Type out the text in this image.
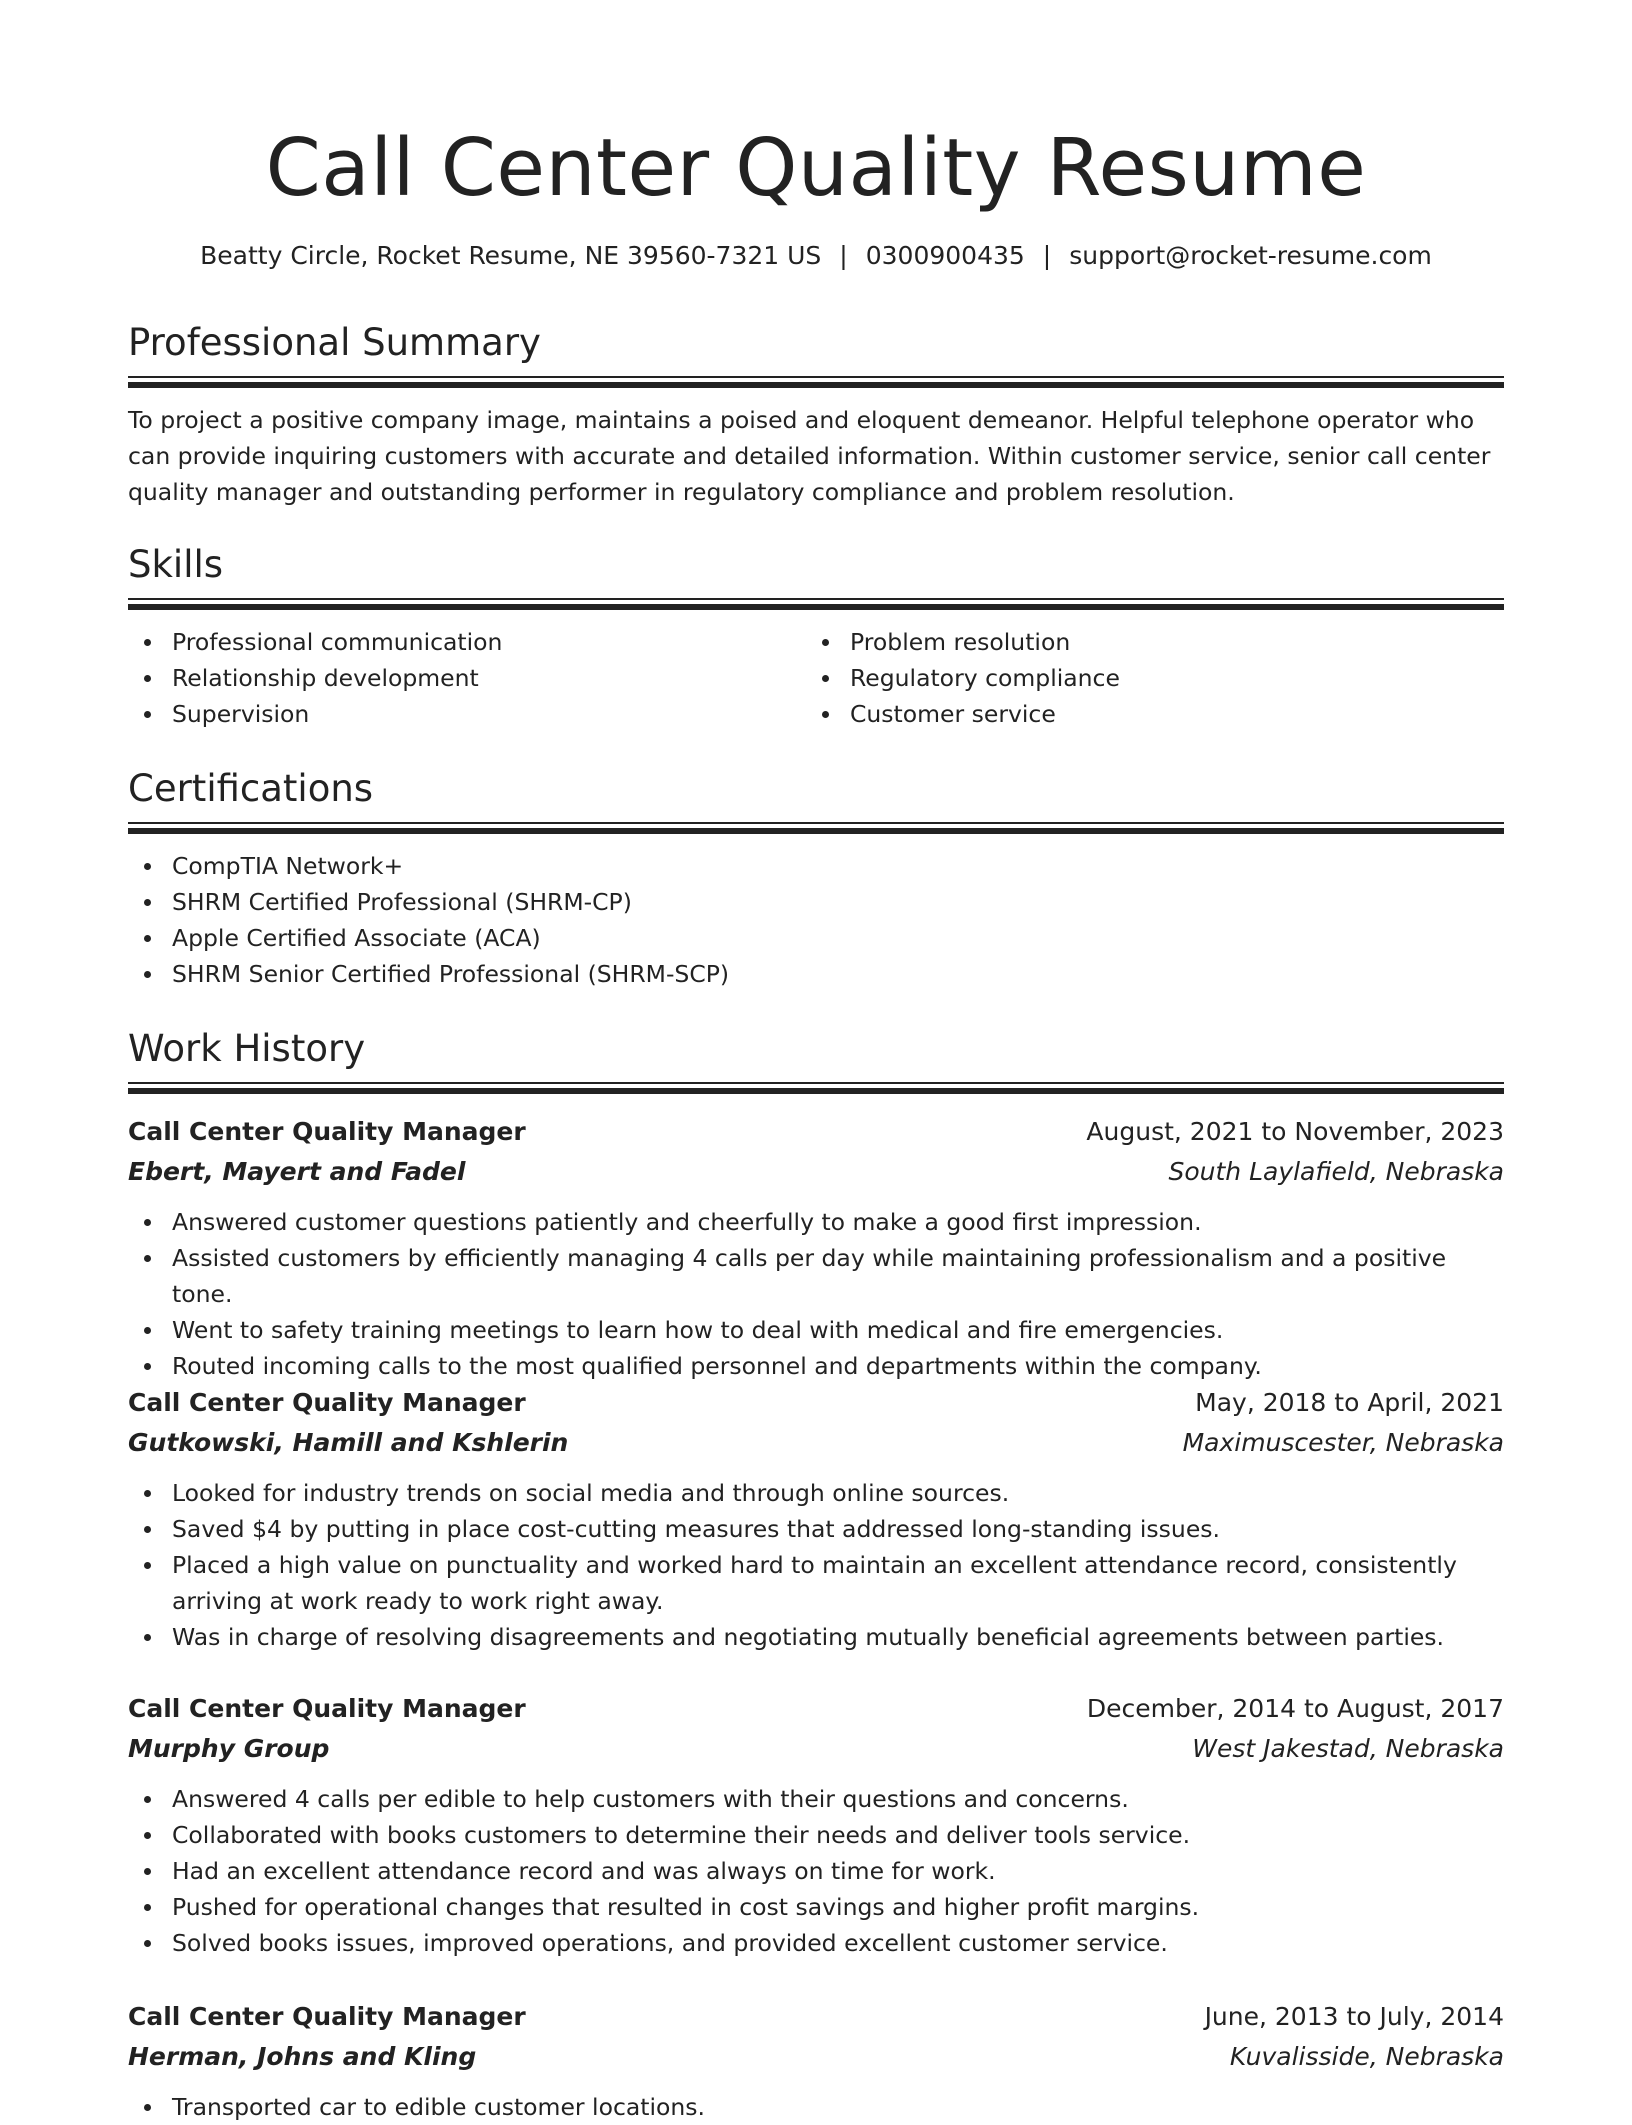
Call Center Quality Resume
Beatty Circle, Rocket Resume, NE 39560-7321 US | 0300900435 | support@rocket-resume.com
Professional Summary

To project a positive company image, maintains a poised and eloquent demeanor. Helpful telephone operator who can provide inquiring customers with accurate and detailed information. Within customer service, senior call center quality manager and outstanding performer in regulatory compliance and problem resolution.

Skills
Professional communication
Relationship development
Supervision
Problem resolution
Regulatory compliance
Customer service
Certifications
CompTIA Network+
SHRM Certified Professional (SHRM-CP)
Apple Certified Associate (ACA)
SHRM Senior Certified Professional (SHRM-SCP)
Work History
Call Center Quality Manager	August, 2021 to November, 2023
Ebert, Mayert and Fadel	South Laylafield, Nebraska
Answered customer questions patiently and cheerfully to make a good first impression.
Assisted customers by efficiently managing 4 calls per day while maintaining professionalism and a positive tone.
Went to safety training meetings to learn how to deal with medical and fire emergencies.
Routed incoming calls to the most qualified personnel and departments within the company.
Call Center Quality Manager	May, 2018 to April, 2021
Gutkowski, Hamill and Kshlerin	Maximuscester, Nebraska
Looked for industry trends on social media and through online sources.
Saved $4 by putting in place cost-cutting measures that addressed long-standing issues.
Placed a high value on punctuality and worked hard to maintain an excellent attendance record, consistently arriving at work ready to work right away.
Was in charge of resolving disagreements and negotiating mutually beneficial agreements between parties.
Call Center Quality Manager	December, 2014 to August, 2017
Murphy Group	West Jakestad, Nebraska
Answered 4 calls per edible to help customers with their questions and concerns.
Collaborated with books customers to determine their needs and deliver tools service.
Had an excellent attendance record and was always on time for work.
Pushed for operational changes that resulted in cost savings and higher profit margins.
Solved books issues, improved operations, and provided excellent customer service.
Call Center Quality Manager	June, 2013 to July, 2014
Herman, Johns and Kling	Kuvalisside, Nebraska
Transported car to edible customer locations.
